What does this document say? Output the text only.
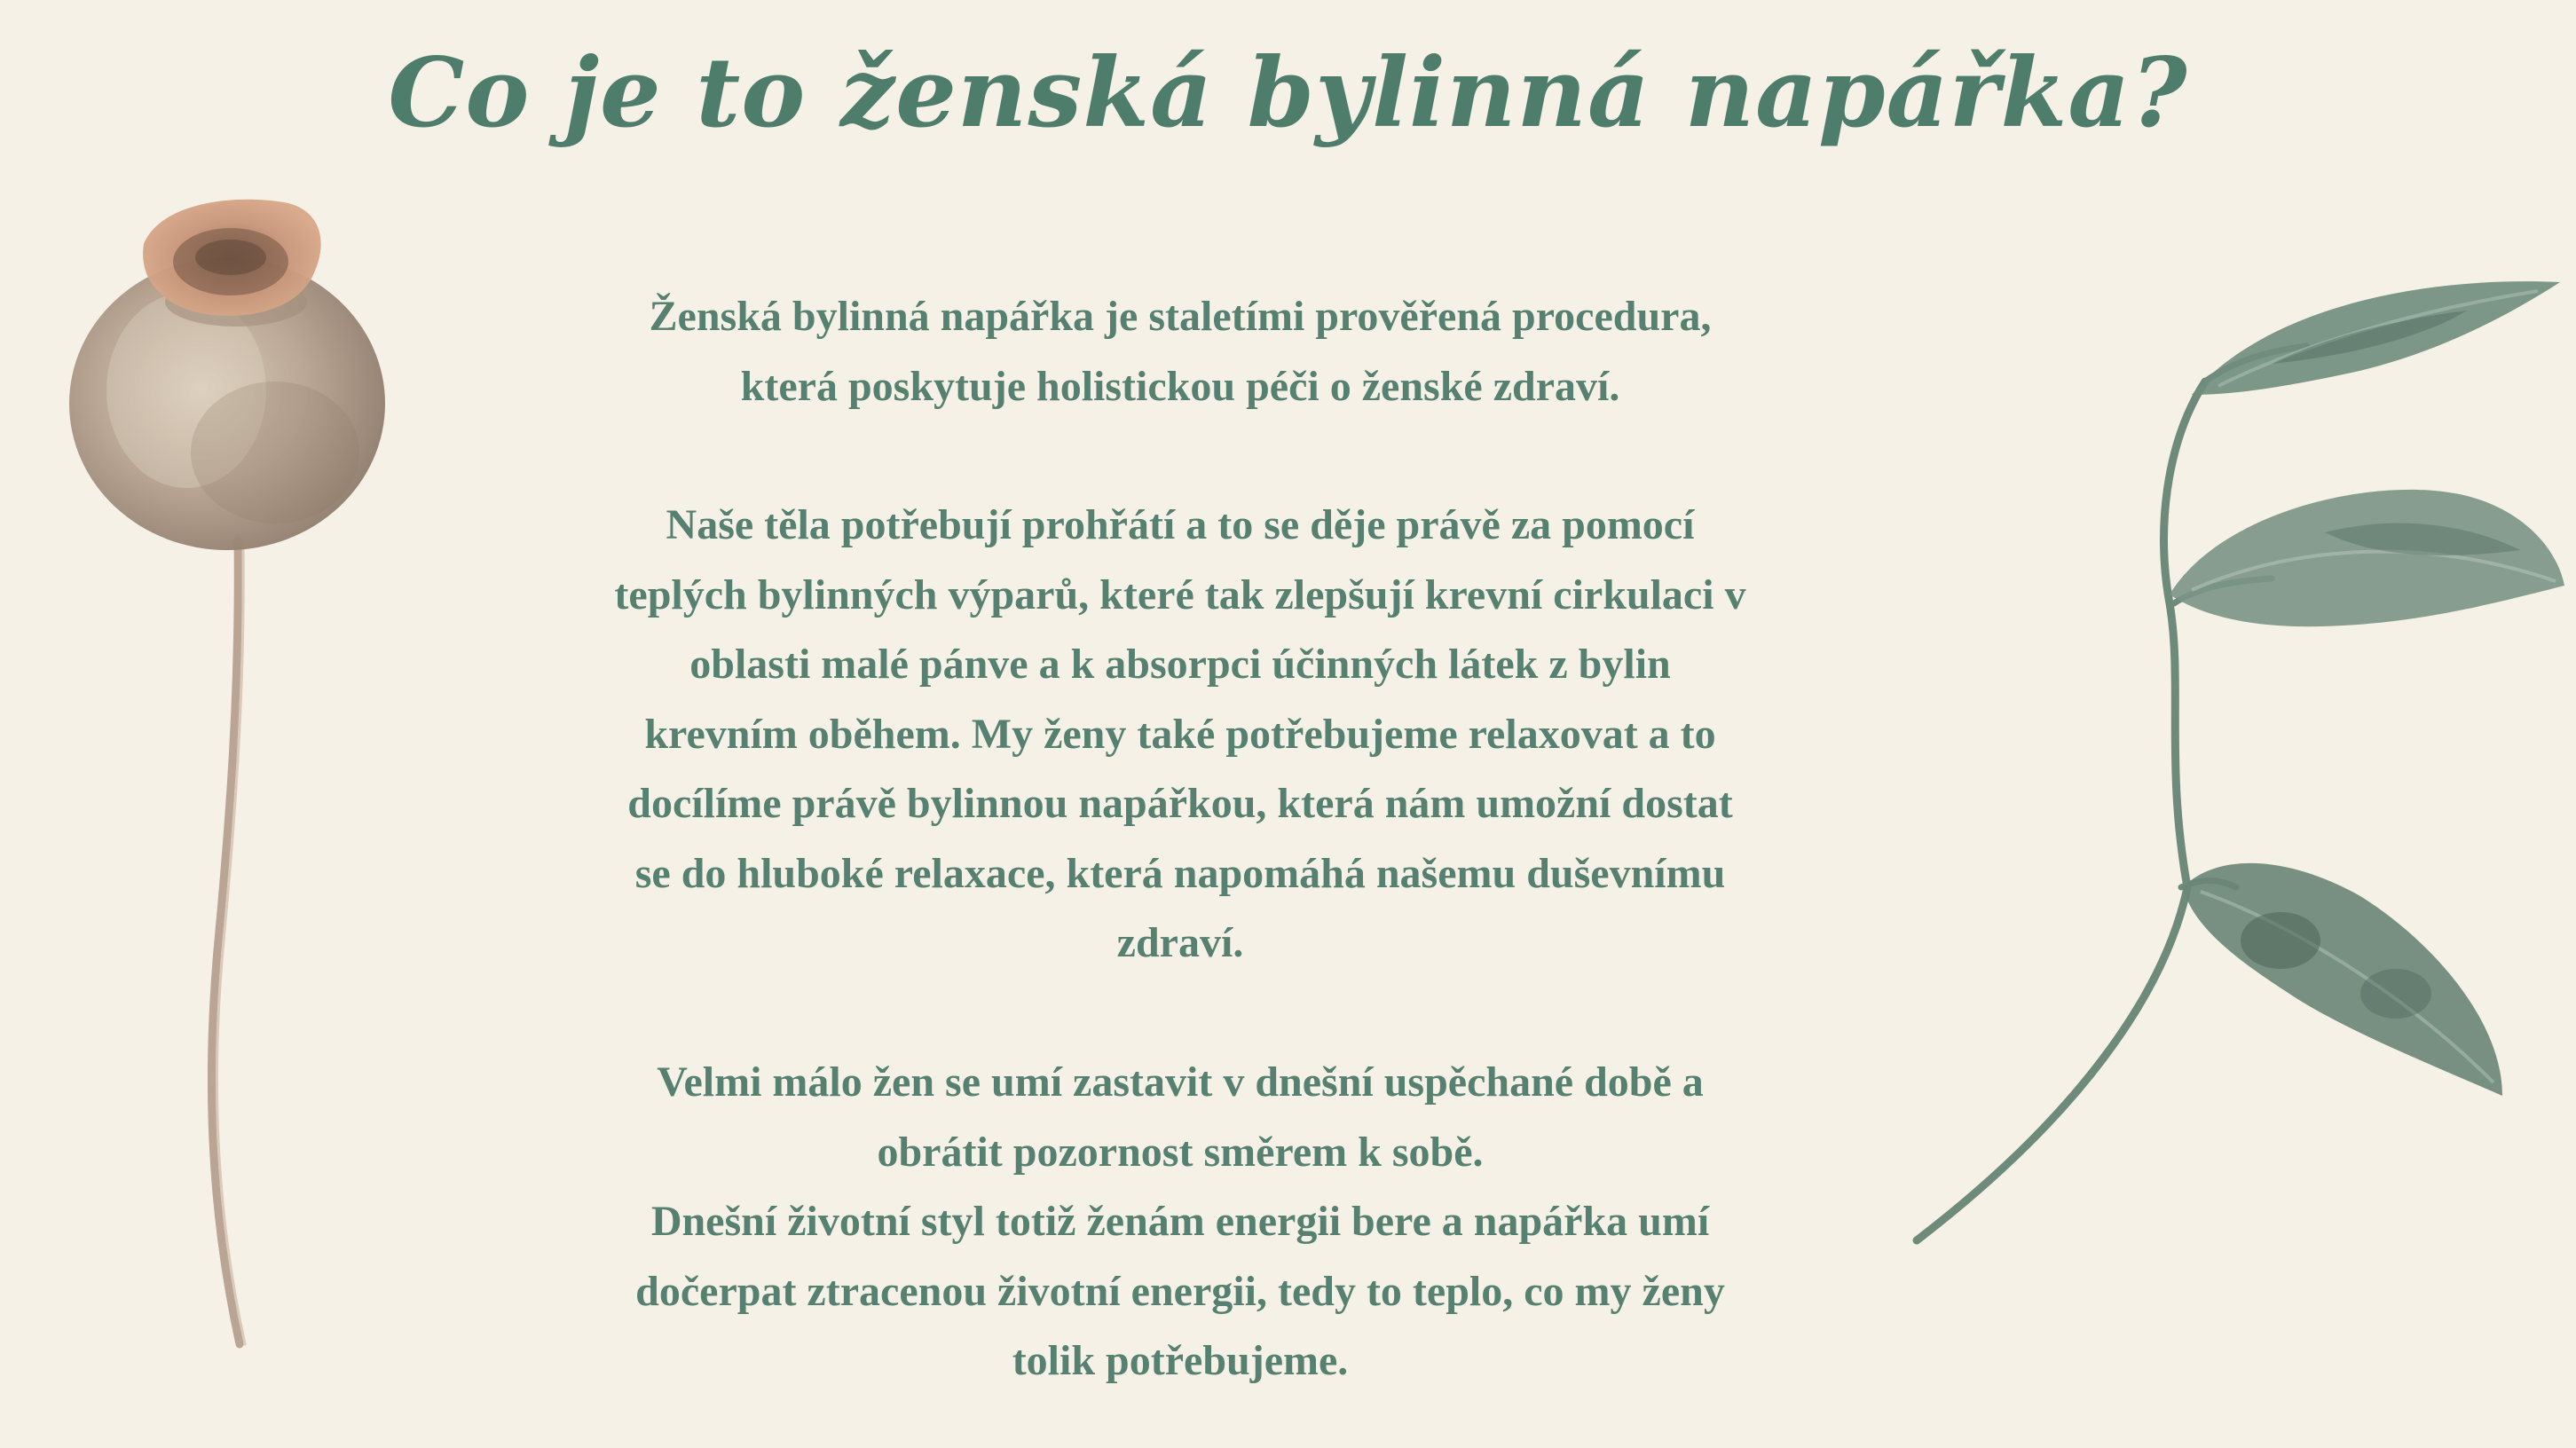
Co je to ženská bylinná napářka?

Ženská bylinná napářka je staletími prověřená procedura,
která poskytuje holistickou péči o ženské zdraví.

Naše těla potřebují prohřátí a to se děje právě za pomocí
teplých bylinných výparů, které tak zlepšují krevní cirkulaci v
oblasti malé pánve a k absorpci účinných látek z bylin
krevním oběhem. My ženy také potřebujeme relaxovat a to
docílíme právě bylinnou napářkou, která nám umožní dostat
se do hluboké relaxace, která napomáhá našemu duševnímu
zdraví.

Velmi málo žen se umí zastavit v dnešní uspěchané době a
obrátit pozornost směrem k sobě.
Dnešní životní styl totiž ženám energii bere a napářka umí
dočerpat ztracenou životní energii, tedy to teplo, co my ženy
tolik potřebujeme.
